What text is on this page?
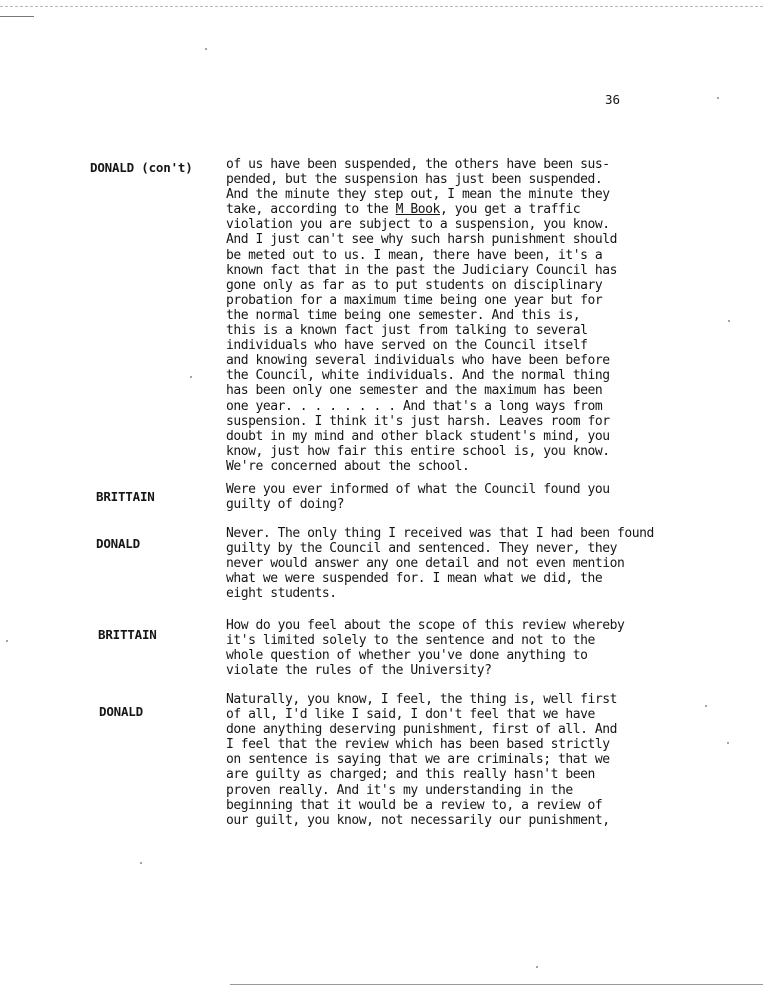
36
DONALD (con't)	of us have been suspended, the others have been sus-
pended, but the suspension has just been suspended.
And the minute they step out, I mean the minute they
take, according to the M Book, you get a traffic
violation you are subject to a suspension, you know.
And I just can't see why such harsh punishment should
be meted out to us. I mean, there have been, it's a
known fact that in the past the Judiciary Council has
gone only as far as to put students on disciplinary
probation for a maximum time being one year but for
the normal time being one semester. And this is,
this is a known fact just from talking to several
individuals who have served on the Council itself
and knowing several individuals who have been before
the Council, white individuals. And the normal thing
has been only one semester and the maximum has been
one year. . . . . . . . And that's a long ways from
suspension. I think it's just harsh. Leaves room for
doubt in my mind and other black student's mind, you
know, just how fair this entire school is, you know.
We're concerned about the school.
BRITTAIN	Were you ever informed of what the Council found you
guilty of doing?
DONALD
Never. The only thing I received was that I had been found
guilty by the Council and sentenced. They never, they
never would answer any one detail and not even mention
what we were suspended for. I mean what we did, the
eight students.
BRITTAIN
How do you feel about the scope of this review whereby
it's limited solely to the sentence and not to the
whole question of whether you've done anything to
violate the rules of the University?
DONALD
Naturally, you know, I feel, the thing is, well first
of all, I'd like I said, I don't feel that we have
done anything deserving punishment, first of all. And
I feel that the review which has been based strictly
on sentence is saying that we are criminals; that we
are guilty as charged; and this really hasn't been
proven really. And it's my understanding in the
beginning that it would be a review to, a review of
our guilt, you know, not necessarily our punishment,
